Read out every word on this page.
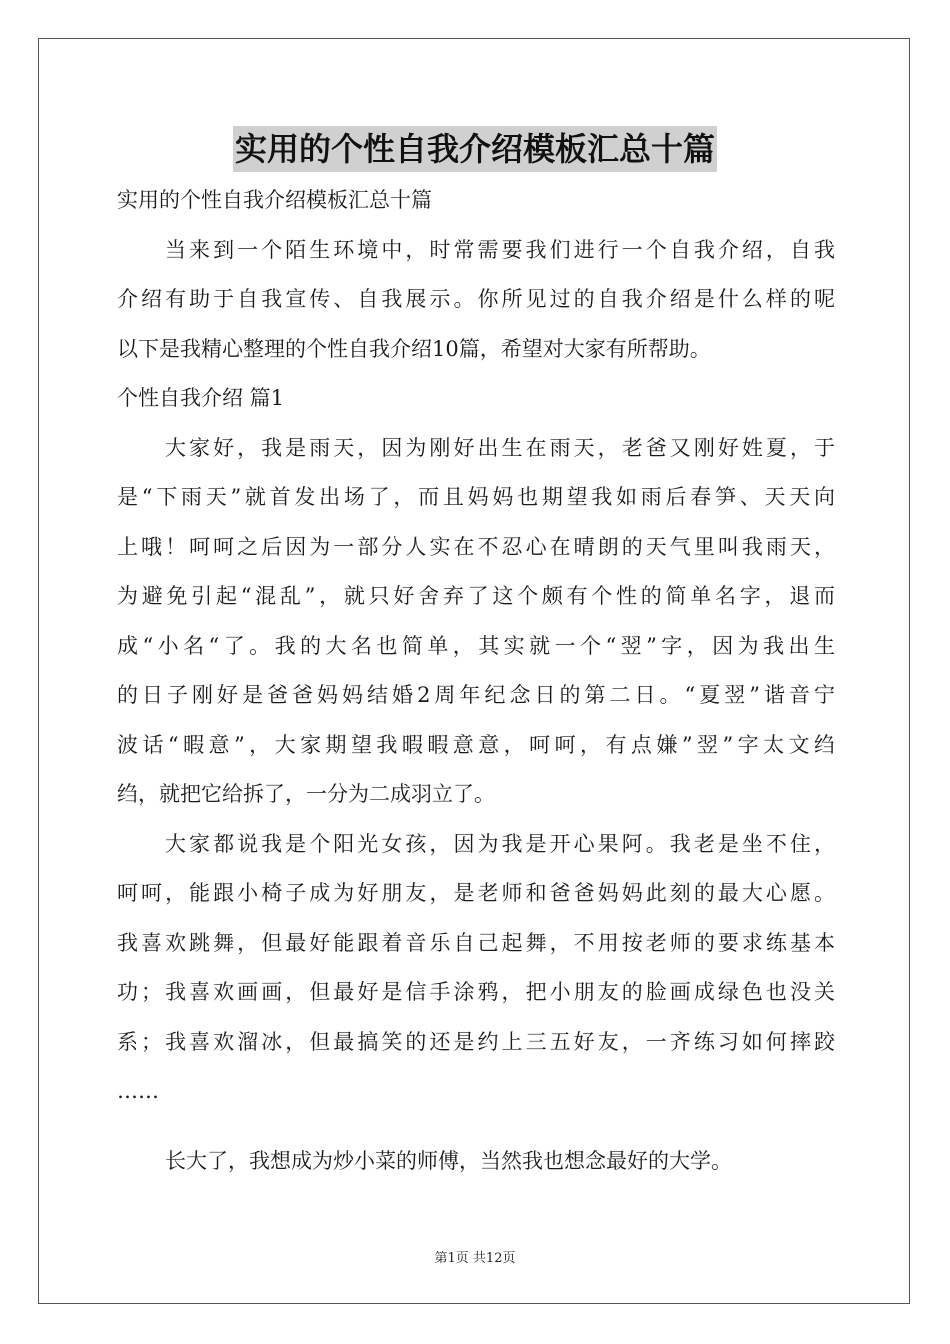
实用的个性自我介绍模板汇总十篇
实用的个性自我介绍模板汇总十篇
当来到一个陌生环境中，时常需要我们进行一个自我介绍，自我
介绍有助于自我宣传、自我展示。你所见过的自我介绍是什么样的呢
以下是我精心整理的个性自我介绍10篇，希望对大家有所帮助。
个性自我介绍 篇1
大家好，我是雨天，因为刚好出生在雨天，老爸又刚好姓夏，于
是“下雨天”就首发出场了，而且妈妈也期望我如雨后春笋、天天向
上哦！呵呵之后因为一部分人实在不忍心在晴朗的天气里叫我雨天，
为避免引起“混乱”，就只好舍弃了这个颇有个性的简单名字，退而
成“小名“了。我的大名也简单，其实就一个“翌”字，因为我出生
的日子刚好是爸爸妈妈结婚2周年纪念日的第二日。“夏翌”谐音宁
波话“暇意”，大家期望我暇暇意意，呵呵，有点嫌”翌”字太文绉
绉，就把它给拆了，一分为二成羽立了。
大家都说我是个阳光女孩，因为我是开心果阿。我老是坐不住，
呵呵，能跟小椅子成为好朋友，是老师和爸爸妈妈此刻的最大心愿。
我喜欢跳舞，但最好能跟着音乐自己起舞，不用按老师的要求练基本
功；我喜欢画画，但最好是信手涂鸦，把小朋友的脸画成绿色也没关
系；我喜欢溜冰，但最搞笑的还是约上三五好友，一齐练习如何摔跤
……
长大了，我想成为炒小菜的师傅，当然我也想念最好的大学。
第1页 共12页
